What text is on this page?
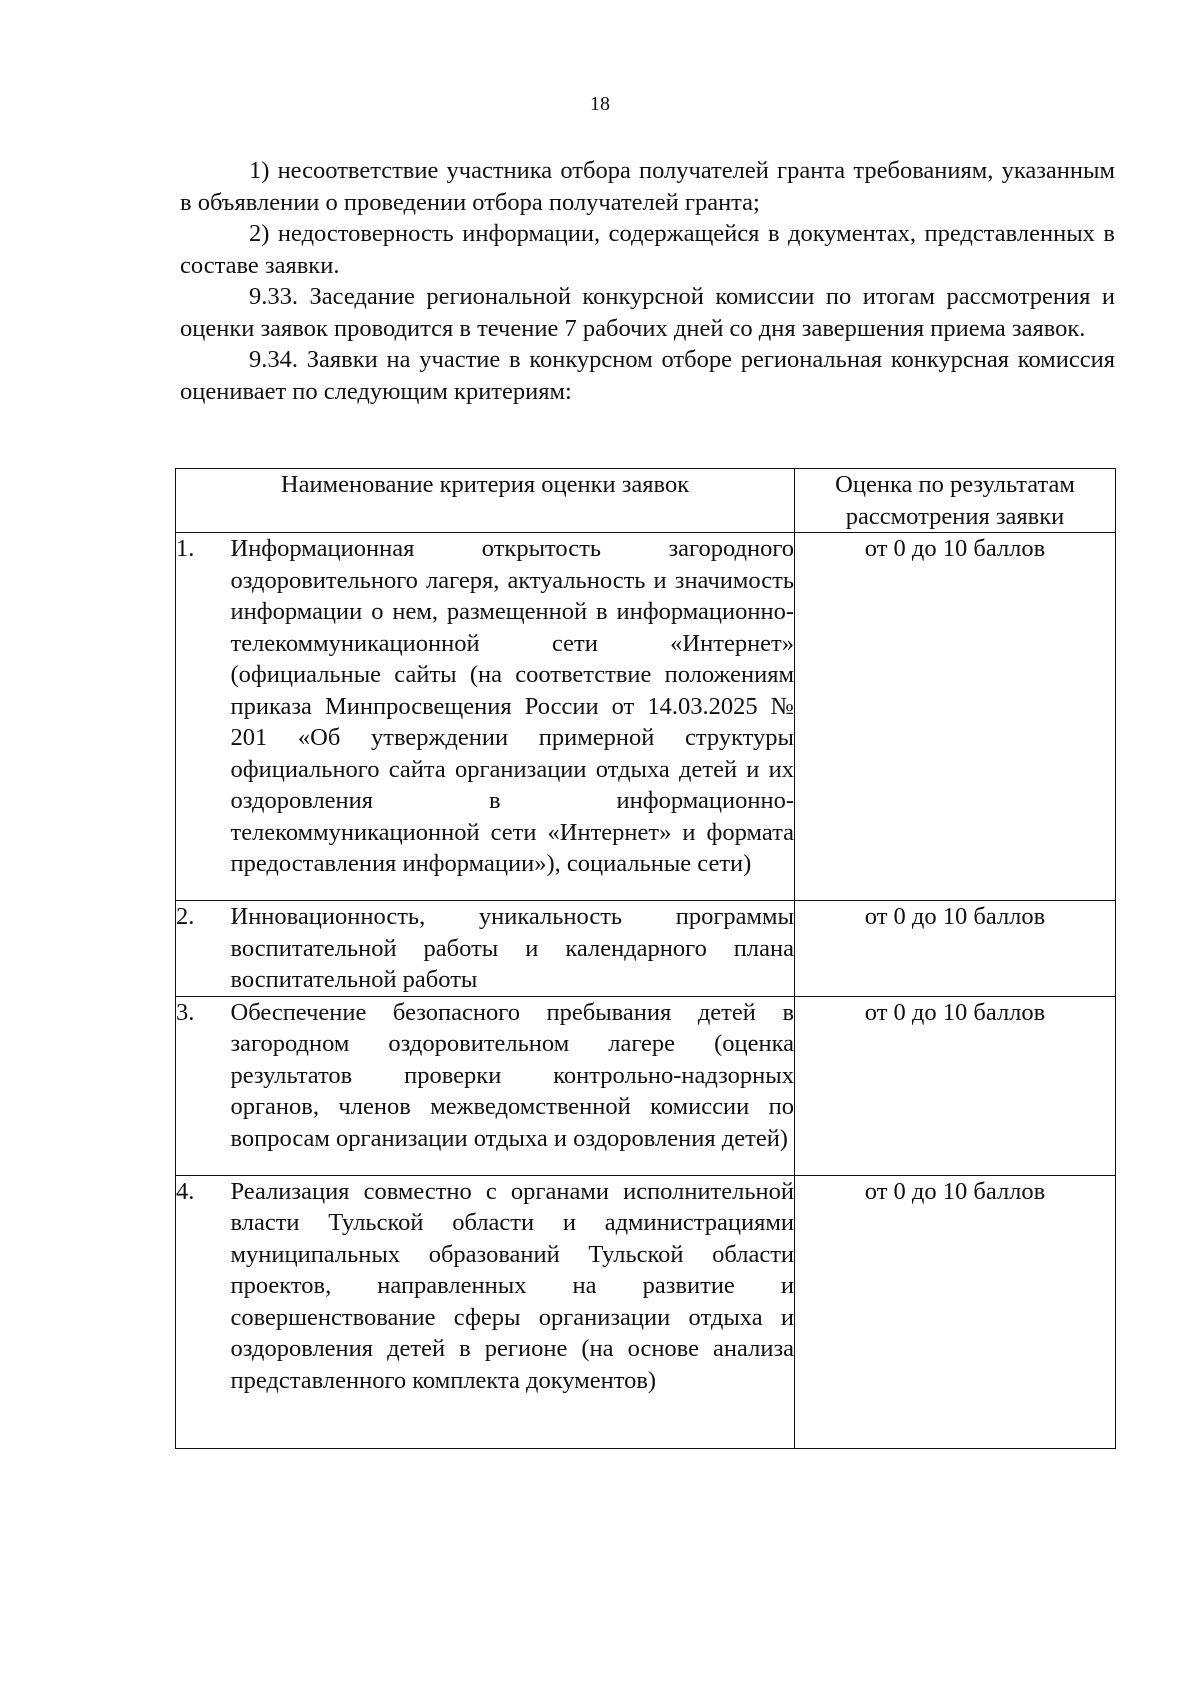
18

1) несоответствие участника отбора получателей гранта требованиям, указанным в объявлении о проведении отбора получателей гранта;

2) недостоверность информации, содержащейся в документах, представленных в составе заявки.

9.33. Заседание региональной конкурсной комиссии по итогам рассмотрения и оценки заявок проводится в течение 7 рабочих дней со дня завершения приема заявок.

9.34. Заявки на участие в конкурсном отборе региональная конкурсная комиссия оценивает по следующим критериям:

Наименование критерия оценки заявок		Оценка по результатам рассмотрения заявки
1.	Информационная открытость загородного оздоровительного лагеря, актуальность и значимость информации о нем, размещенной в информационно-телекоммуникационной сети «Интернет» (официальные сайты (на соответствие положениям приказа Минпросвещения России от 14.03.2025 № 201 «Об утверждении примерной структуры официального сайта организации отдыха детей и их оздоровления в информационно-телекоммуникационной сети «Интернет» и формата предоставления информации»), социальные сети)	от 0 до 10 баллов
2.	Инновационность, уникальность программы воспитательной работы и календарного плана воспитательной работы	от 0 до 10 баллов
3.	Обеспечение безопасного пребывания детей в загородном оздоровительном лагере (оценка результатов проверки контрольно-надзорных органов, членов межведомственной комиссии по вопросам организации отдыха и оздоровления детей)	от 0 до 10 баллов
4.	Реализация совместно с органами исполнительной власти Тульской области и администрациями муниципальных образований Тульской области проектов, направленных на развитие и совершенствование сферы организации отдыха и оздоровления детей в регионе (на основе анализа представленного комплекта документов)	от 0 до 10 баллов
